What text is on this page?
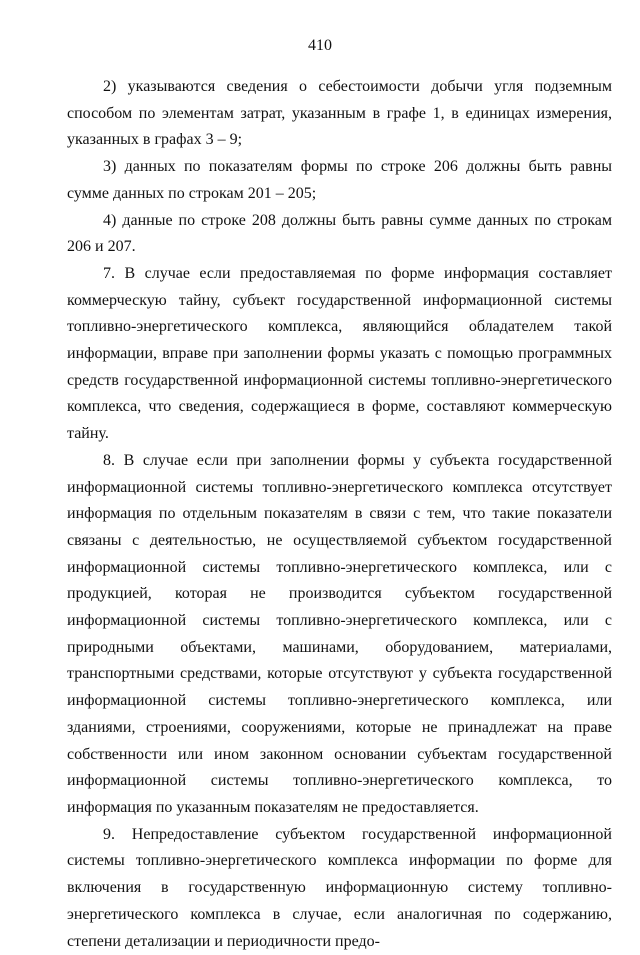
410

2) указываются сведения о себестоимости добычи угля подземным способом по элементам затрат, указанным в графе 1, в единицах измерения, указанных в графах 3 – 9;

3) данных по показателям формы по строке 206 должны быть равны сумме данных по строкам 201 – 205;

4) данные по строке 208 должны быть равны сумме данных по строкам 206 и 207.

7. В случае если предоставляемая по форме информация составляет коммерческую тайну, субъект государственной информационной системы топливно-энергетического комплекса, являющийся обладателем такой информации, вправе при заполнении формы указать с помощью программных средств государственной информационной системы топливно-энергетического комплекса, что сведения, содержащиеся в форме, составляют коммерческую тайну.

8. В случае если при заполнении формы у субъекта государственной информационной системы топливно-энергетического комплекса отсутствует информация по отдельным показателям в связи с тем, что такие показатели связаны с деятельностью, не осуществляемой субъектом государственной информационной системы топливно-энергетического комплекса, или с продукцией, которая не производится субъектом государственной информационной системы топливно-энергетического комплекса, или с природными объектами, машинами, оборудованием, материалами, транспортными средствами, которые отсутствуют у субъекта государственной информационной системы топливно-энергетического комплекса, или зданиями, строениями, сооружениями, которые не принадлежат на праве собственности или ином законном основании субъектам государственной информационной системы топливно-энергетического комплекса, то информация по указанным показателям не предоставляется.

9. Непредоставление субъектом государственной информационной системы топливно-энергетического комплекса информации по форме для включения в государственную информационную систему топливно-энергетического комплекса в случае, если аналогичная по содержанию, степени детализации и периодичности предо-
